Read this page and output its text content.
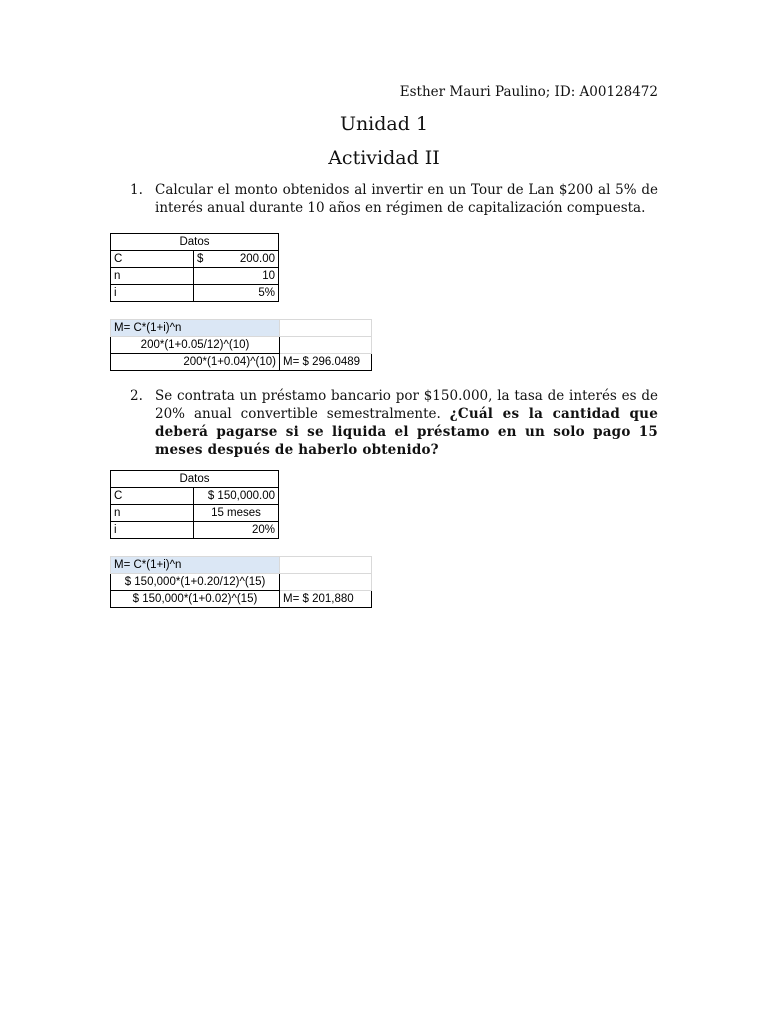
Esther Mauri Paulino; ID: A00128472
Unidad 1
Actividad II
1. Calcular el monto obtenidos al invertir en un Tour de Lan $200 al 5% de interés anual durante 10 años en régimen de capitalización compuesta.
Datos	
C	$ 200.00

n	10
i	5%
M= C*(1+i)^n	
200*(1+0.05/12)^(10)	
200*(1+0.04)^(10)	M= $ 296.0489
2. Se contrata un préstamo bancario por $150.000, la tasa de interés es de 20% anual convertible semestralmente. ¿Cuál es la cantidad que deberá pagarse si se liquida el préstamo en un solo pago 15 meses después de haberlo obtenido?
Datos	
C	$ 150,000.00
n	15 meses
i	20%
M= C*(1+i)^n	
$ 150,000*(1+0.20/12)^(15)	
$ 150,000*(1+0.02)^(15)	M= $ 201,880
